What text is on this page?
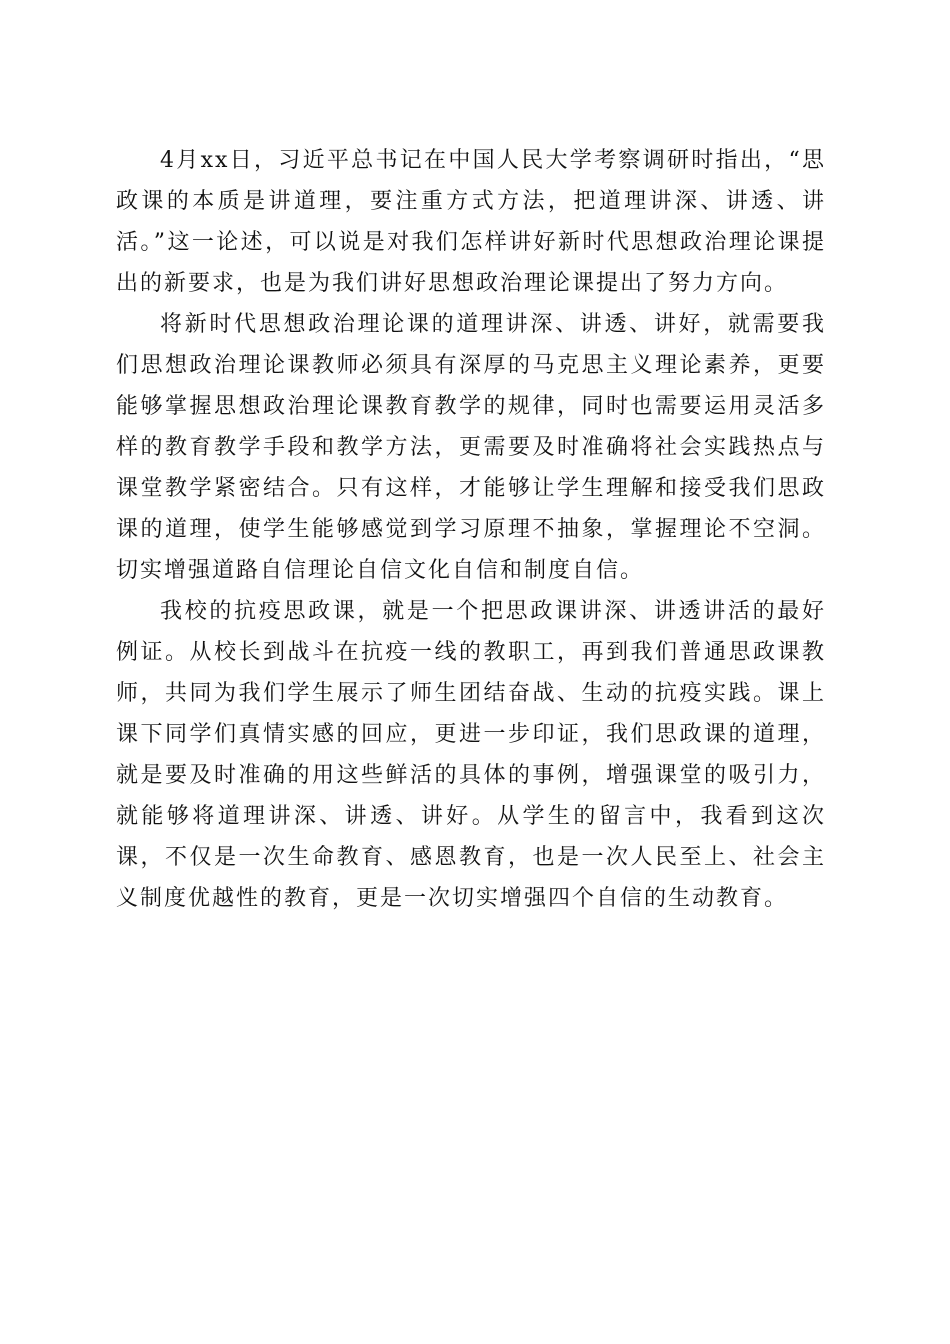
4月xx日，习近平总书记在中国人民大学考察调研时指出，“思政课的本质是讲道理，要注重方式方法，把道理讲深、讲透、讲活。”这一论述，可以说是对我们怎样讲好新时代思想政治理论课提出的新要求，也是为我们讲好思想政治理论课提出了努力方向。

将新时代思想政治理论课的道理讲深、讲透、讲好，就需要我们思想政治理论课教师必须具有深厚的马克思主义理论素养，更要能够掌握思想政治理论课教育教学的规律，同时也需要运用灵活多样的教育教学手段和教学方法，更需要及时准确将社会实践热点与课堂教学紧密结合。只有这样，才能够让学生理解和接受我们思政课的道理，使学生能够感觉到学习原理不抽象，掌握理论不空洞。切实增强道路自信理论自信文化自信和制度自信。

我校的抗疫思政课，就是一个把思政课讲深、讲透讲活的最好例证。从校长到战斗在抗疫一线的教职工，再到我们普通思政课教师，共同为我们学生展示了师生团结奋战、生动的抗疫实践。课上课下同学们真情实感的回应，更进一步印证，我们思政课的道理，就是要及时准确的用这些鲜活的具体的事例，增强课堂的吸引力，就能够将道理讲深、讲透、讲好。从学生的留言中，我看到这次课，不仅是一次生命教育、感恩教育，也是一次人民至上、社会主义制度优越性的教育，更是一次切实增强四个自信的生动教育。
